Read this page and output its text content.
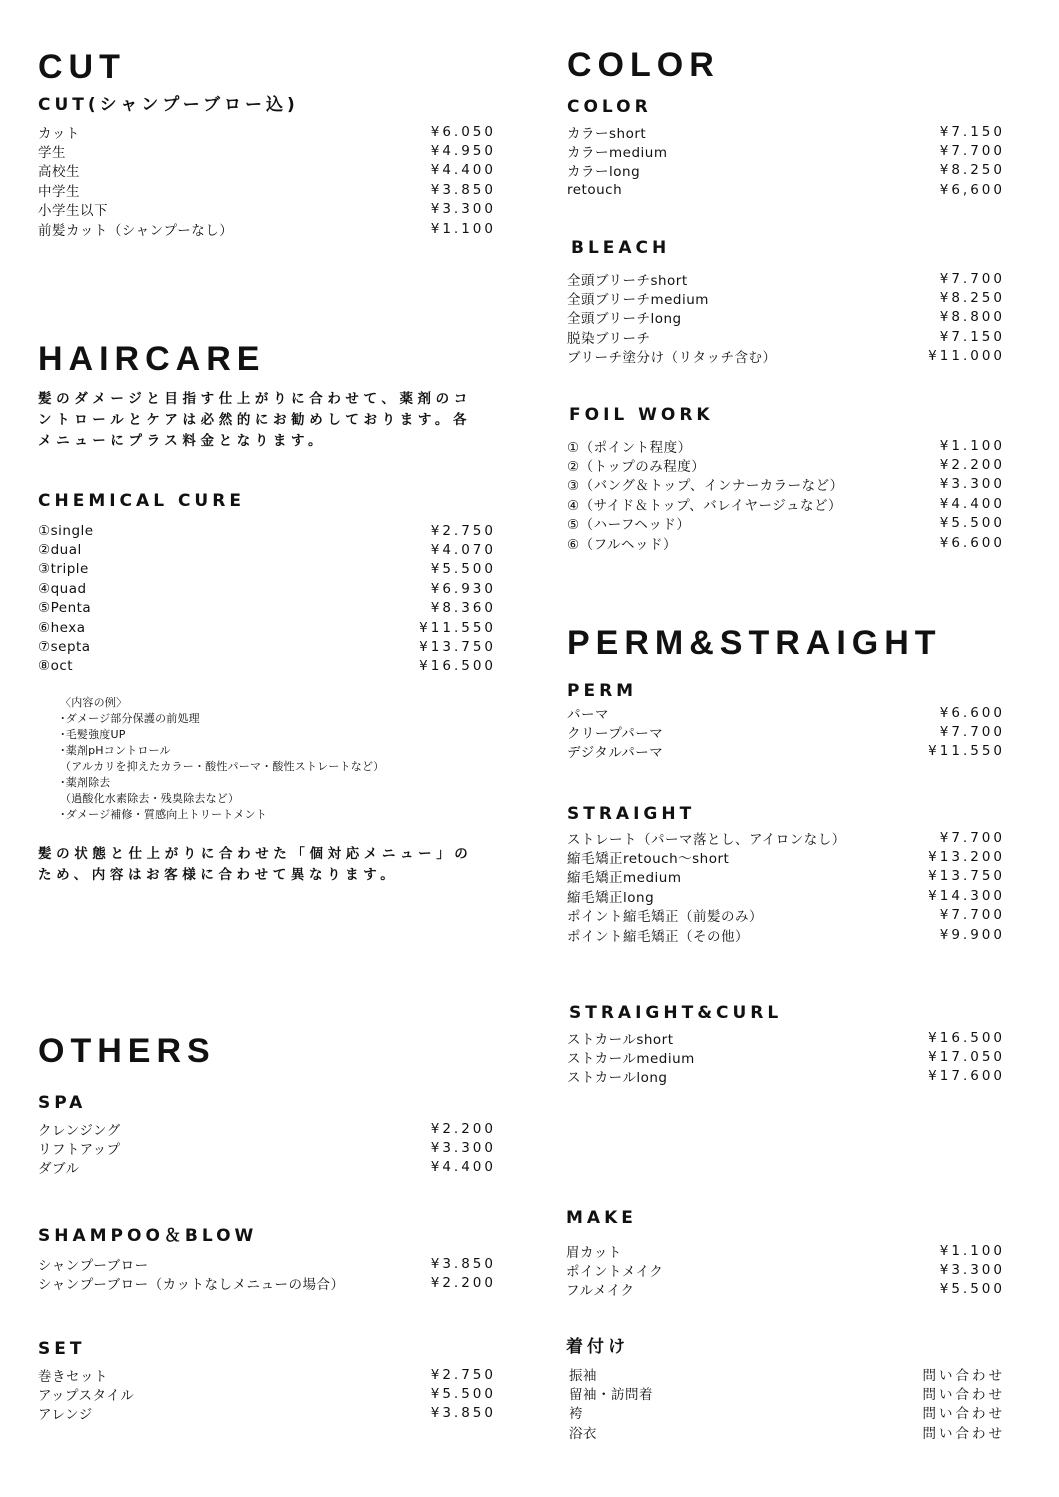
CUT
CUT(シャンプーブロー込)
カット	¥6.050
学生	¥4.950
高校生	¥4.400
中学生	¥3.850
小学生以下	¥3.300
前髪カット（シャンプーなし）	¥1.100
HAIRCARE
髪のダメージと目指す仕上がりに合わせて、薬剤のコントロールとケアは必然的にお勧めしております。各メニューにプラス料金となります。
CHEMICAL CURE
①single	¥2.750
②dual	¥4.070
③triple	¥5.500
④quad	¥6.930
⑤Penta	¥8.360
⑥hexa	¥11.550
⑦septa	¥13.750
⑧oct	¥16.500
〈内容の例〉
･ダメージ部分保護の前処理
･毛髪強度UP
･薬剤pHコントロール
（アルカリを抑えたカラー・酸性パーマ・酸性ストレートなど）
･薬剤除去
（過酸化水素除去・残臭除去など）
･ダメージ補修・質感向上トリートメント
髪の状態と仕上がりに合わせた「個対応メニュー」のため、内容はお客様に合わせて異なります。
OTHERS
SPA
クレンジング	¥2.200
リフトアップ	¥3.300
ダブル	¥4.400
SHAMPOO＆BLOW
シャンプーブロー	¥3.850
シャンプーブロー（カットなしメニューの場合）	¥2.200
SET
巻きセット	¥2.750
アップスタイル	¥5.500
アレンジ	¥3.850
COLOR
COLOR
カラーshort	¥7.150
カラーmedium	¥7.700
カラーlong	¥8.250
retouch	¥6,600
BLEACH
全頭ブリーチshort	¥7.700
全頭ブリーチmedium	¥8.250
全頭ブリーチlong	¥8.800
脱染ブリーチ	¥7.150
ブリーチ塗分け（リタッチ含む）	¥11.000
FOIL WORK
①（ポイント程度）	¥1.100
②（トップのみ程度）	¥2.200
③（バング＆トップ、インナーカラーなど）	¥3.300
④（サイド＆トップ、バレイヤージュなど）	¥4.400
⑤（ハーフヘッド）	¥5.500
⑥（フルヘッド）	¥6.600
PERM&STRAIGHT
PERM
パーマ	¥6.600
クリープパーマ	¥7.700
デジタルパーマ	¥11.550
STRAIGHT
ストレート（パーマ落とし、アイロンなし）	¥7.700
縮毛矯正retouch〜short	¥13.200
縮毛矯正medium	¥13.750
縮毛矯正long	¥14.300
ポイント縮毛矯正（前髪のみ）	¥7.700
ポイント縮毛矯正（その他）	¥9.900
STRAIGHT&CURL
ストカールshort	¥16.500
ストカールmedium	¥17.050
ストカールlong	¥17.600
MAKE
眉カット	¥1.100
ポイントメイク	¥3.300
フルメイク	¥5.500
着付け
振袖	問い合わせ
留袖・訪問着	問い合わせ
袴	問い合わせ
浴衣	問い合わせ
